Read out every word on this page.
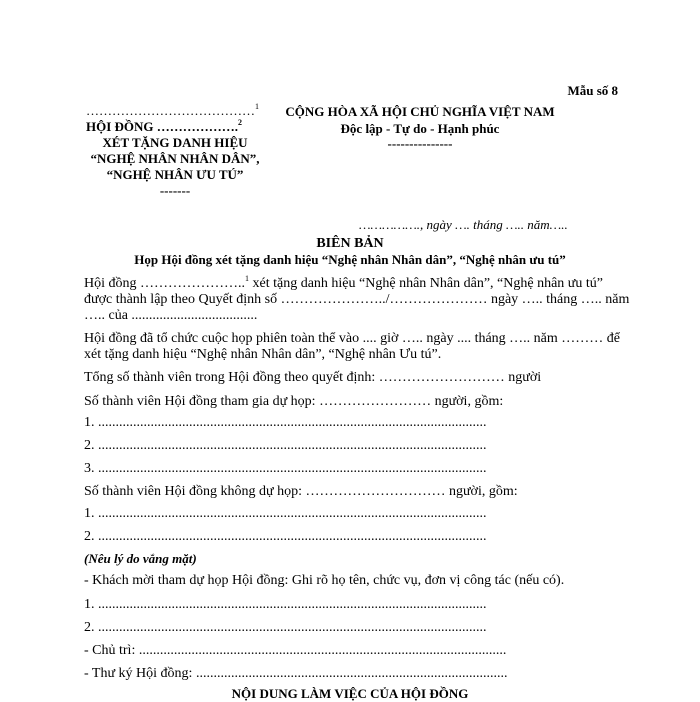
Mẫu số 8
…………………………………$^1$
HỘI ĐỒNG ……………….$^2$
XÉT TẶNG DANH HIỆU
“NGHỆ NHÂN NHÂN DÂN”,
“NGHỆ NHÂN ƯU TÚ”
-------
CỘNG HÒA XÃ HỘI CHỦ NGHĨA VIỆT NAM
Độc lập - Tự do - Hạnh phúc
---------------
……………., ngày …. tháng ….. năm…..
BIÊN BẢN
Họp Hội đồng xét tặng danh hiệu “Nghệ nhân Nhân dân”, “Nghệ nhân ưu tú”
Hội đồng …………………..$^1$ xét tặng danh hiệu “Nghệ nhân Nhân dân”, “Nghệ nhân ưu tú”
được thành lập theo Quyết định số …………………../………………… ngày ….. tháng ….. năm
….. của ....................................
Hội đồng đã tổ chức cuộc họp phiên toàn thể vào .... giờ ….. ngày .... tháng ….. năm ……… để
xét tặng danh hiệu “Nghệ nhân Nhân dân”, “Nghệ nhân Ưu tú”.
Tổng số thành viên trong Hội đồng theo quyết định: ……………………… người
Số thành viên Hội đồng tham gia dự họp: …………………… người, gồm:
1. ...............................................................................................................
2. ...............................................................................................................
3. ...............................................................................................................
Số thành viên Hội đồng không dự họp: ………………………… người, gồm:
1. ...............................................................................................................
2. ...............................................................................................................
(Nêu lý do vắng mặt)
- Khách mời tham dự họp Hội đồng: Ghi rõ họ tên, chức vụ, đơn vị công tác (nếu có).
1. ...............................................................................................................
2. ...............................................................................................................
- Chủ trì: .........................................................................................................
- Thư ký Hội đồng: .........................................................................................
NỘI DUNG LÀM VIỆC CỦA HỘI ĐỒNG
